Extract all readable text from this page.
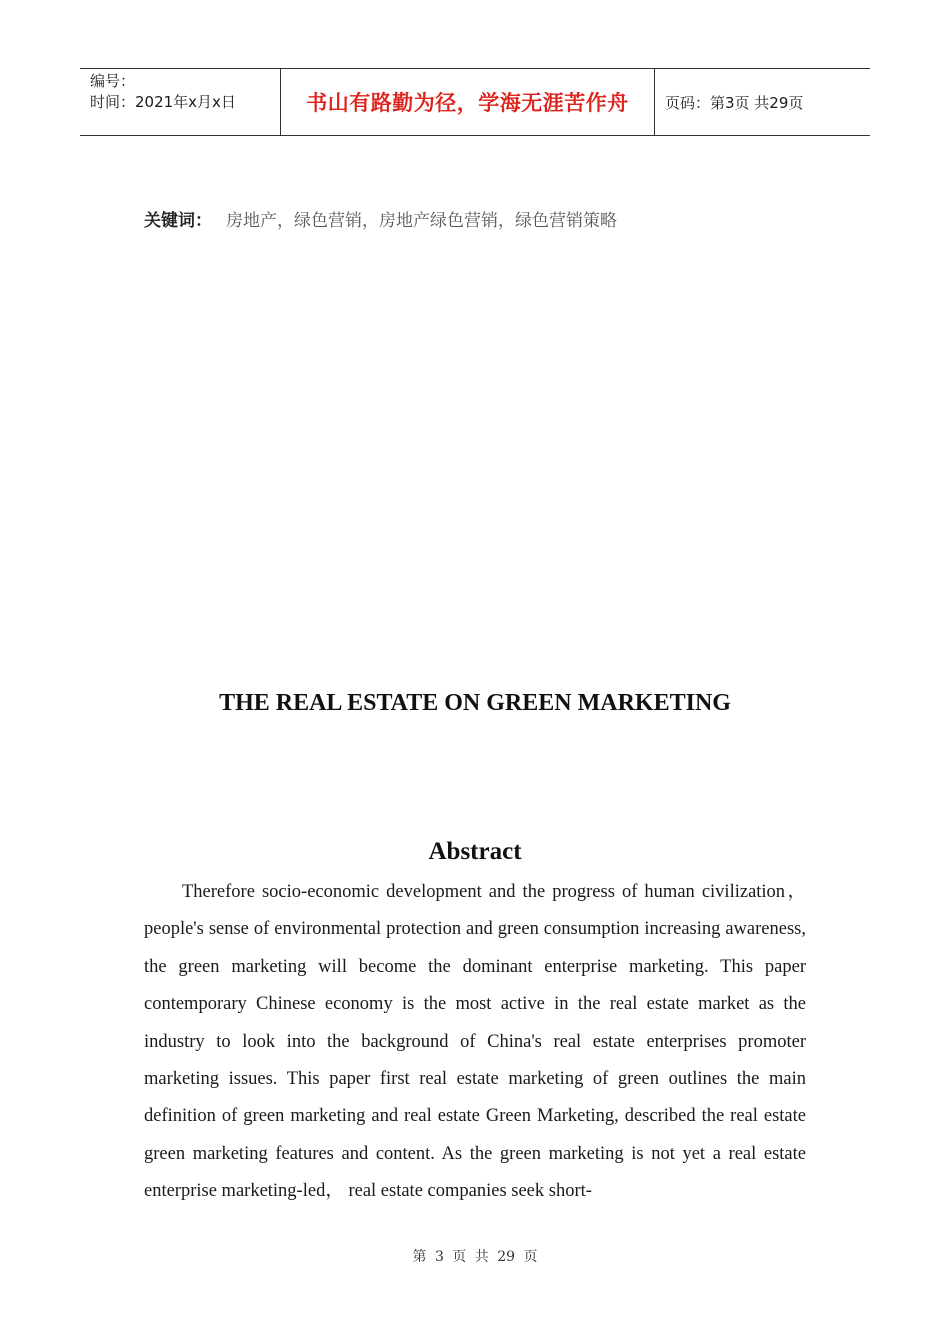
编号：
时间：2021年x月x日	书山有路勤为径，学海无涯苦作舟	页码：第3页 共29页
关键词： 房地产，绿色营销，房地产绿色营销，绿色营销策略
THE REAL ESTATE ON GREEN MARKETING
Abstract

Therefore socio-economic development and the progress of human civilization， people's sense of environmental protection and green consumption increasing awareness, the green marketing will become the dominant enterprise marketing. This paper contemporary Chinese economy is the most active in the real estate market as the industry to look into the background of China's real estate enterprises promoter marketing issues. This paper first real estate marketing of green outlines the main definition of green marketing and real estate Green Marketing, described the real estate green marketing features and content. As the green marketing is not yet a real estate enterprise marketing-led， real estate companies seek short-

第 3 页 共 29 页
